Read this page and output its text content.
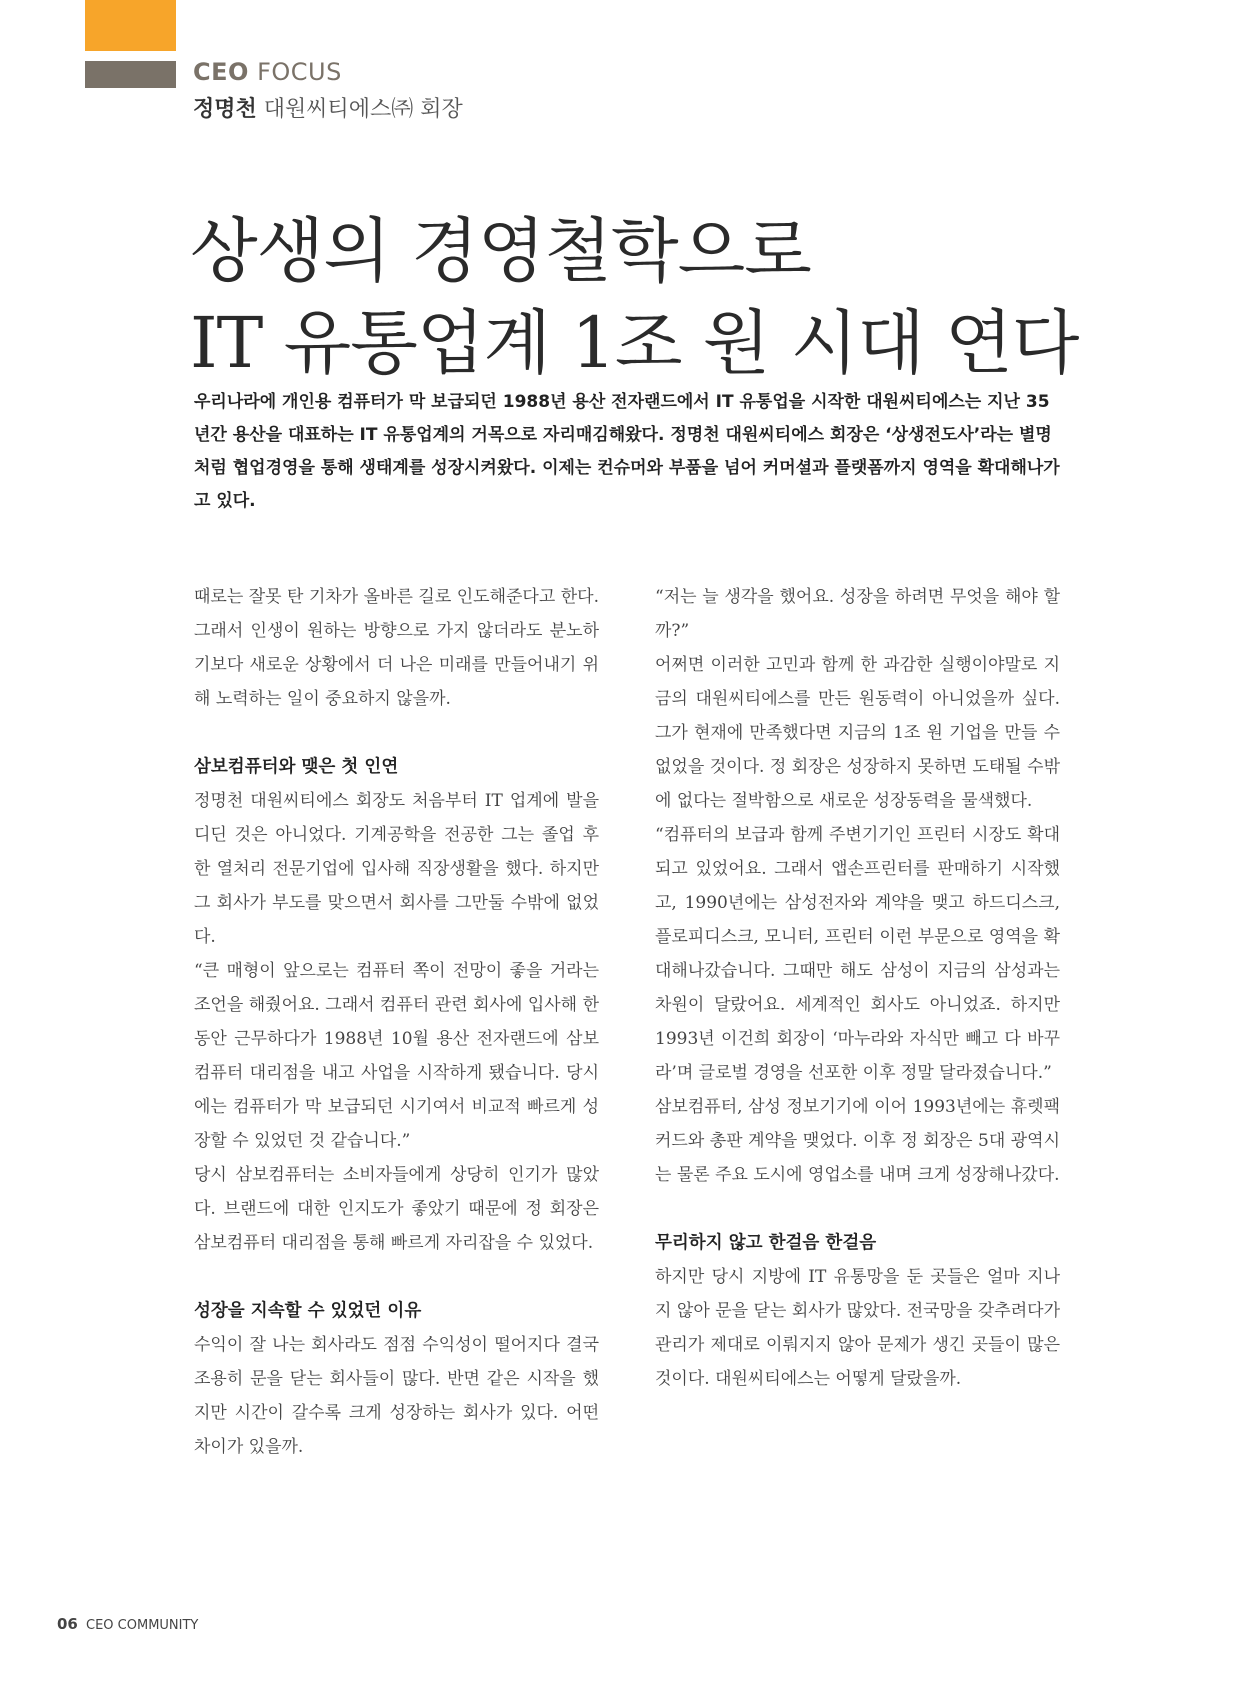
CEO FOCUS
정명천 대원씨티에스㈜ 회장
상생의 경영철학으로
IT 유통업계 1조 원 시대 연다

우리나라에 개인용 컴퓨터가 막 보급되던 1988년 용산 전자랜드에서 IT 유통업을 시작한 대원씨티에스는 지난 35년간 용산을 대표하는 IT 유통업계의 거목으로 자리매김해왔다. 정명천 대원씨티에스 회장은 ‘상생전도사’라는 별명처럼 협업경영을 통해 생태계를 성장시켜왔다. 이제는 컨슈머와 부품을 넘어 커머셜과 플랫폼까지 영역을 확대해나가고 있다.

때로는 잘못 탄 기차가 올바른 길로 인도해준다고 한다. 그래서 인생이 원하는 방향으로 가지 않더라도 분노하기보다 새로운 상황에서 더 나은 미래를 만들어내기 위해 노력하는 일이 중요하지 않을까.

삼보컴퓨터와 맺은 첫 인연

정명천 대원씨티에스 회장도 처음부터 IT 업계에 발을 디딘 것은 아니었다. 기계공학을 전공한 그는 졸업 후 한 열처리 전문기업에 입사해 직장생활을 했다. 하지만 그 회사가 부도를 맞으면서 회사를 그만둘 수밖에 없었다.

“큰 매형이 앞으로는 컴퓨터 쪽이 전망이 좋을 거라는 조언을 해줬어요. 그래서 컴퓨터 관련 회사에 입사해 한동안 근무하다가 1988년 10월 용산 전자랜드에 삼보컴퓨터 대리점을 내고 사업을 시작하게 됐습니다. 당시에는 컴퓨터가 막 보급되던 시기여서 비교적 빠르게 성장할 수 있었던 것 같습니다.”

당시 삼보컴퓨터는 소비자들에게 상당히 인기가 많았다. 브랜드에 대한 인지도가 좋았기 때문에 정 회장은 삼보컴퓨터 대리점을 통해 빠르게 자리잡을 수 있었다.

성장을 지속할 수 있었던 이유

수익이 잘 나는 회사라도 점점 수익성이 떨어지다 결국 조용히 문을 닫는 회사들이 많다. 반면 같은 시작을 했지만 시간이 갈수록 크게 성장하는 회사가 있다. 어떤 차이가 있을까.

“저는 늘 생각을 했어요. 성장을 하려면 무엇을 해야 할까?”

어쩌면 이러한 고민과 함께 한 과감한 실행이야말로 지금의 대원씨티에스를 만든 원동력이 아니었을까 싶다. 그가 현재에 만족했다면 지금의 1조 원 기업을 만들 수 없었을 것이다. 정 회장은 성장하지 못하면 도태될 수밖에 없다는 절박함으로 새로운 성장동력을 물색했다.

“컴퓨터의 보급과 함께 주변기기인 프린터 시장도 확대되고 있었어요. 그래서 앱손프린터를 판매하기 시작했고, 1990년에는 삼성전자와 계약을 맺고 하드디스크, 플로피디스크, 모니터, 프린터 이런 부문으로 영역을 확대해나갔습니다. 그때만 해도 삼성이 지금의 삼성과는 차원이 달랐어요. 세계적인 회사도 아니었죠. 하지만 1993년 이건희 회장이 ‘마누라와 자식만 빼고 다 바꾸라’며 글로벌 경영을 선포한 이후 정말 달라졌습니다.”

삼보컴퓨터, 삼성 정보기기에 이어 1993년에는 휴렛팩커드와 총판 계약을 맺었다. 이후 정 회장은 5대 광역시는 물론 주요 도시에 영업소를 내며 크게 성장해나갔다.

무리하지 않고 한걸음 한걸음

하지만 당시 지방에 IT 유통망을 둔 곳들은 얼마 지나지 않아 문을 닫는 회사가 많았다. 전국망을 갖추려다가 관리가 제대로 이뤄지지 않아 문제가 생긴 곳들이 많은 것이다. 대원씨티에스는 어떻게 달랐을까.

06 CEO COMMUNITY
